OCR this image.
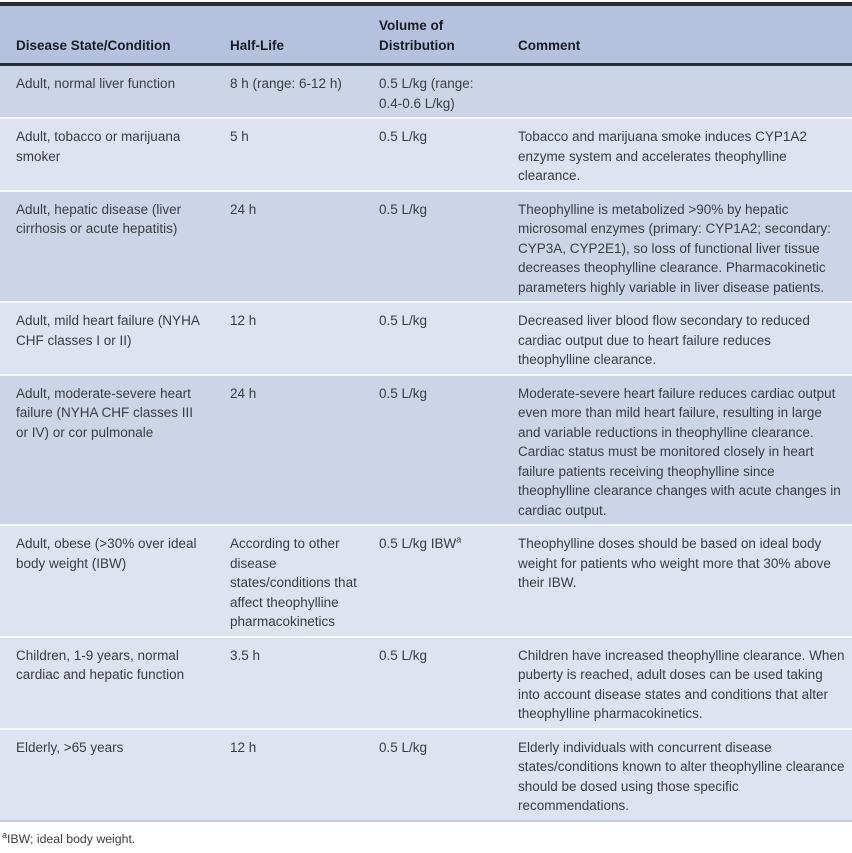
Disease State/Condition	Half-Life	Volume of Distribution	Comment
Adult, normal liver function	8 h (range: 6-12 h)	0.5 L/kg (range: 0.4-0.6 L/kg)	
Adult, tobacco or marijuana smoker	5 h	0.5 L/kg	Tobacco and marijuana smoke induces CYP1A2 enzyme system and accelerates theophylline clearance.
Adult, hepatic disease (liver cirrhosis or acute hepatitis)	24 h	0.5 L/kg	Theophylline is metabolized >90% by hepatic microsomal enzymes (primary: CYP1A2; secondary: CYP3A, CYP2E1), so loss of functional liver tissue decreases theophylline clearance. Pharmacokinetic parameters highly variable in liver disease patients.
Adult, mild heart failure (NYHA CHF classes I or II)	12 h	0.5 L/kg	Decreased liver blood flow secondary to reduced cardiac output due to heart failure reduces theophylline clearance.
Adult, moderate-severe heart failure (NYHA CHF classes III or IV) or cor pulmonale	24 h	0.5 L/kg	Moderate-severe heart failure reduces cardiac output even more than mild heart failure, resulting in large and variable reductions in theophylline clearance. Cardiac status must be monitored closely in heart failure patients receiving theophylline since theophylline clearance changes with acute changes in cardiac output.
Adult, obese (>30% over ideal body weight (IBW)	According to other disease states/conditions that affect theophylline pharmacokinetics	0.5 L/kg IBW$^a$	Theophylline doses should be based on ideal body weight for patients who weight more that 30% above their IBW.
Children, 1-9 years, normal cardiac and hepatic function	3.5 h	0.5 L/kg	Children have increased theophylline clearance. When puberty is reached, adult doses can be used taking into account disease states and conditions that alter theophylline pharmacokinetics.
Elderly, >65 years	12 h	0.5 L/kg	Elderly individuals with concurrent disease states/conditions known to alter theophylline clearance should be dosed using those specific recommendations.
$^a$IBW; ideal body weight.
